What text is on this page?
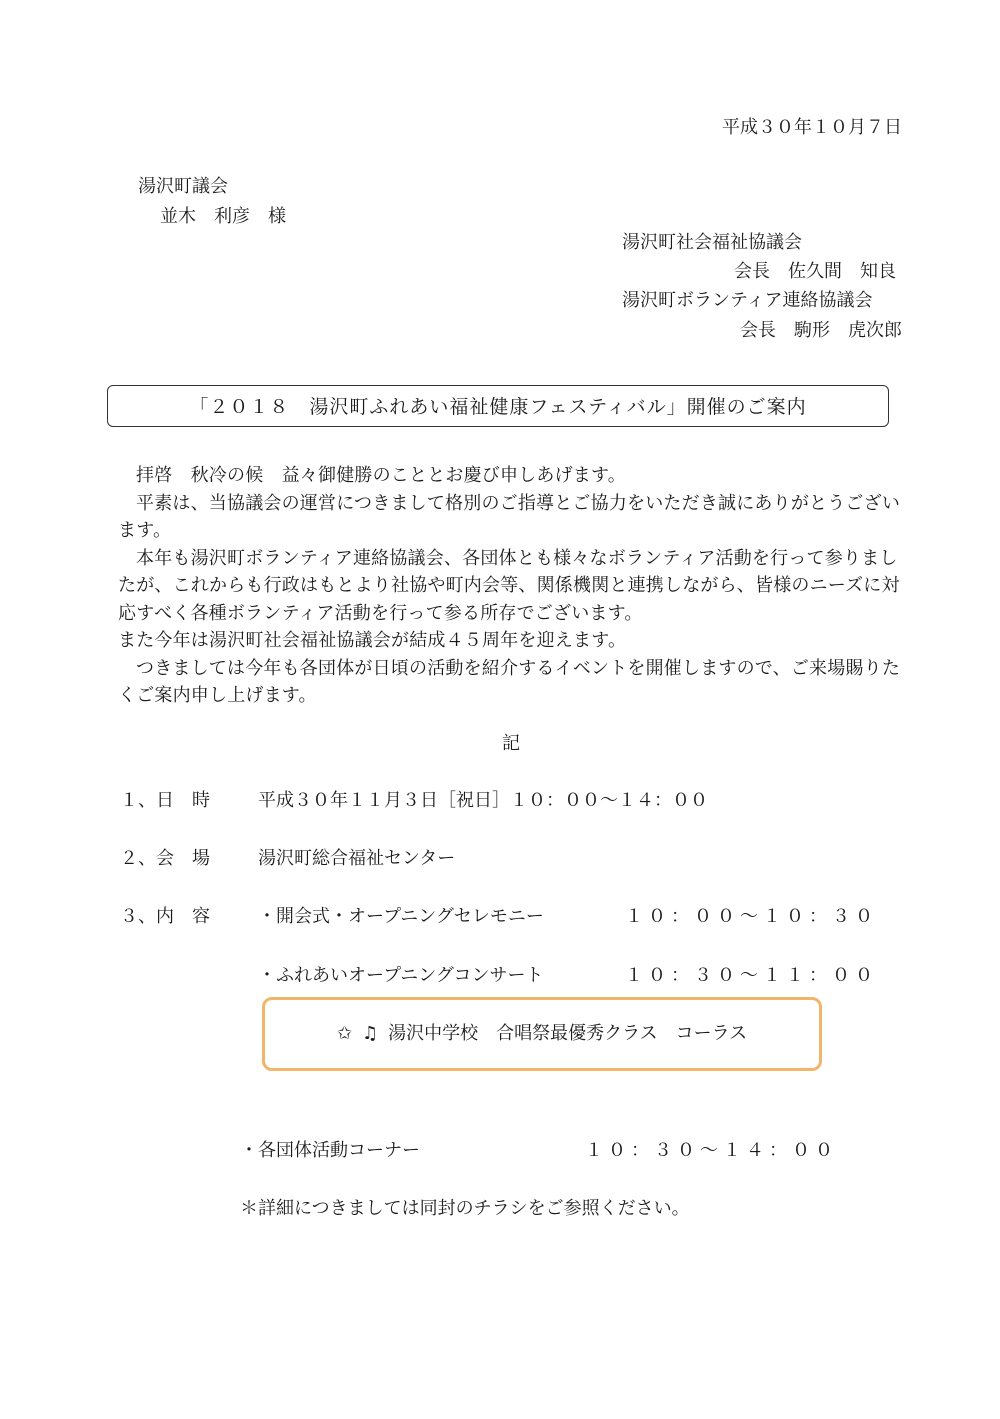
平成３０年１０月７日
湯沢町議会
並木　利彦　様
湯沢町社会福祉協議会
会長　佐久間　知良
湯沢町ボランティア連絡協議会
会長　駒形　虎次郎
「２０１８　湯沢町ふれあい福祉健康フェスティバル」開催のご案内

拝啓　秋冷の候　益々御健勝のこととお慶び申しあげます。

平素は、当協議会の運営につきまして格別のご指導とご協力をいただき誠にありがとうございます。

本年も湯沢町ボランティア連絡協議会、各団体とも様々なボランティア活動を行って参りましたが、これからも行政はもとより社協や町内会等、関係機関と連携しながら、皆様のニーズに対応すべく各種ボランティア活動を行って参る所存でございます。

また今年は湯沢町社会福祉協議会が結成４５周年を迎えます。

つきましては今年も各団体が日頃の活動を紹介するイベントを開催しますので、ご来場賜りたくご案内申し上げます。

記
１、日　時	平成３０年１１月３日［祝日］１０：００〜１４：００
２、会　場	湯沢町総合福祉センター
３、内　容	・開会式・オープニングセレモニー	１０：００〜１０：３０
・ふれあいオープニングコンサート	１０：３０〜１１：００
✩ ♫ 湯沢中学校　合唱祭最優秀クラス　コーラス
・各団体活動コーナー	１０：３０〜１４：００
＊詳細につきましては同封のチラシをご参照ください。
